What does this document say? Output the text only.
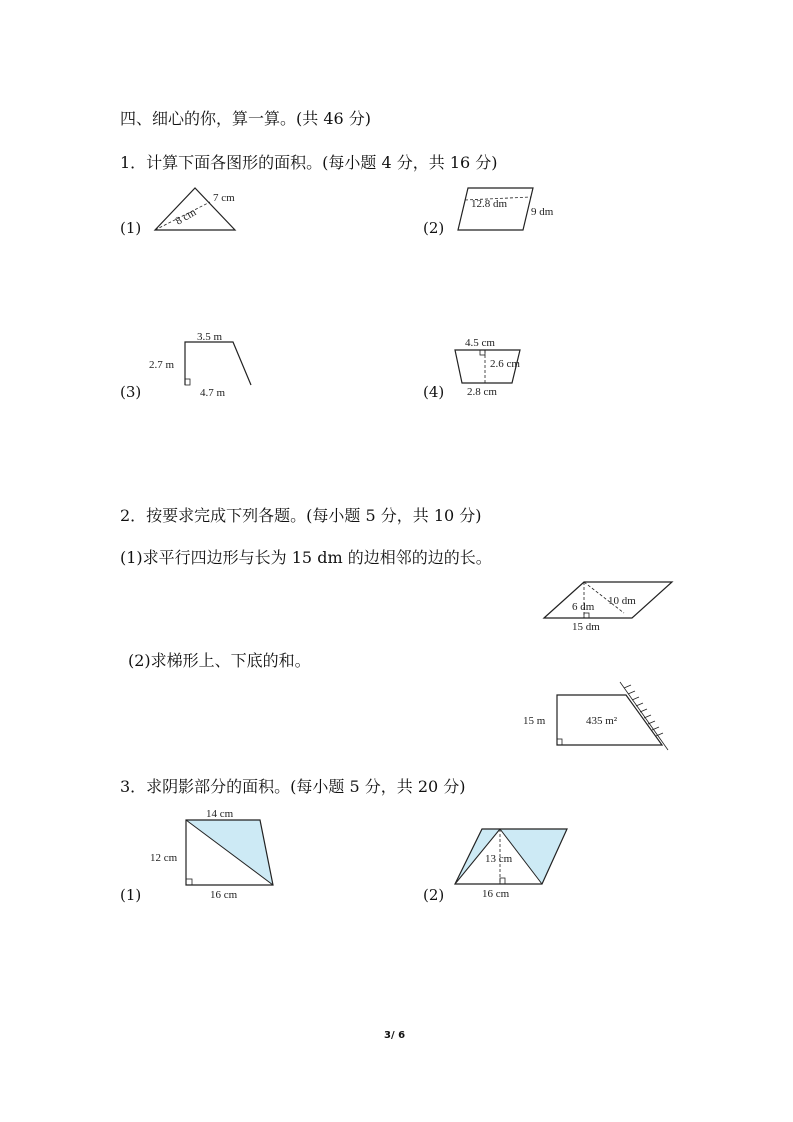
四、细心的你，算一算。(共 46 分)
1．计算下面各图形的面积。(每小题 4 分，共 16 分)
(1)
7 cm
8 cm
(2)
12.8 dm
9 dm
(3)
3.5 m
2.7 m
4.7 m	(4)
4.5 cm
2.6 cm
2.8 cm
2．按要求完成下列各题。(每小题 5 分，共 10 分)
(1)求平行四边形与长为 15 dm 的边相邻的边的长。
6 dm 10 dm
15 dm
(2)求梯形上、下底的和。
15 m	435 m²
3．求阴影部分的面积。(每小题 5 分，共 20 分)
(1)
14 cm
12 cm
16 cm	(2)
13 cm
16 cm
3/ 6
